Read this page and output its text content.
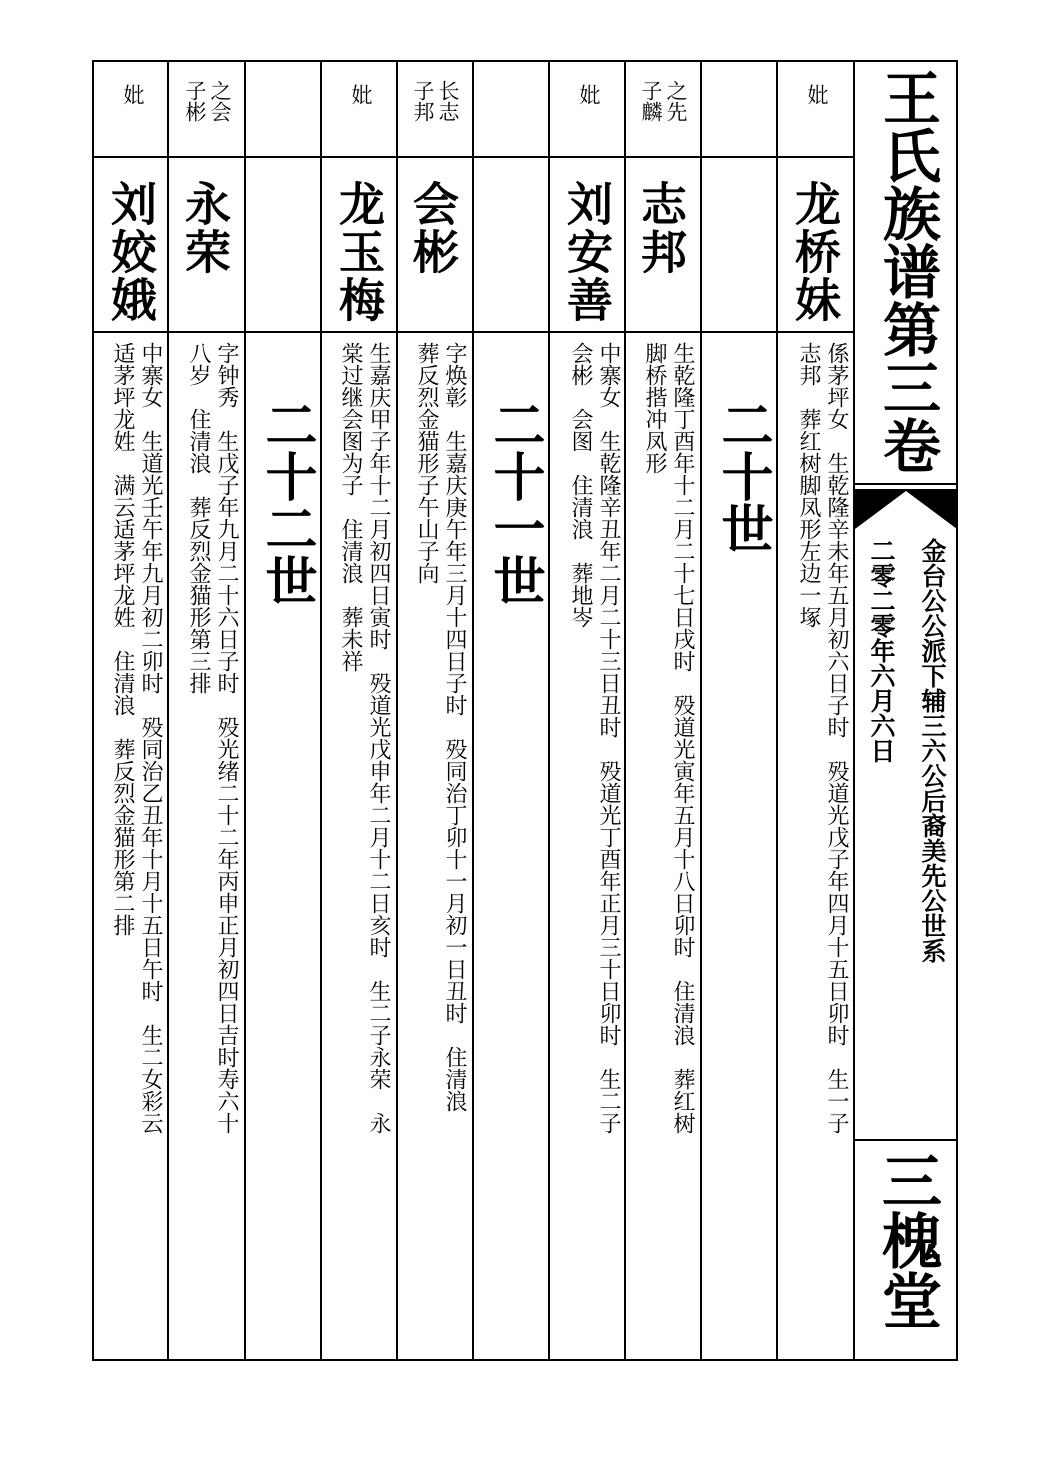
王氏族谱第三卷
金台公公派下辅三六公后裔美先公世系
二零二零年六月六日
三槐堂
妣
龙桥妹
係茅坪女　生乾隆辛未年五月初六日子时　殁道光戊子年四月十五日卯时　生一子
志邦　葬红树脚凤形左边一塚
之先
子麟
志邦
生乾隆丁酉年十二月二十七日戌时　殁道光寅年五月十八日卯时　住清浪　葬红树
脚桥揩冲凤形 二十世
妣
刘安善
中寨女　生乾隆辛丑年二月二十三日丑时　殁道光丁酉年正月三十日卯时　生二子
会彬　会图　住清浪　葬地岑
长志
子邦
会彬
字焕彰　生嘉庆庚午年三月十四日子时　殁同治丁卯十一月初一日丑时　住清浪
葬反烈金猫形子午山子向 二十一世
妣
龙玉梅
生嘉庆甲子年十二月初四日寅时　殁道光戊申年二月十二日亥时　生二子永荣　永
棠过继会图为子　住清浪　葬未祥
之会
子彬
永荣
字钟秀　生戊子年九月二十六日子时　殁光绪二十二年丙申正月初四日吉时寿六十
八岁　住清浪　葬反烈金猫形第三排 二十二世
妣
刘姣娥
中寨女　生道光壬午年九月初二卯时　殁同治乙丑年十月十五日午时　生二女彩云
适茅坪龙姓　满云适茅坪龙姓　住清浪　葬反烈金猫形第二排
